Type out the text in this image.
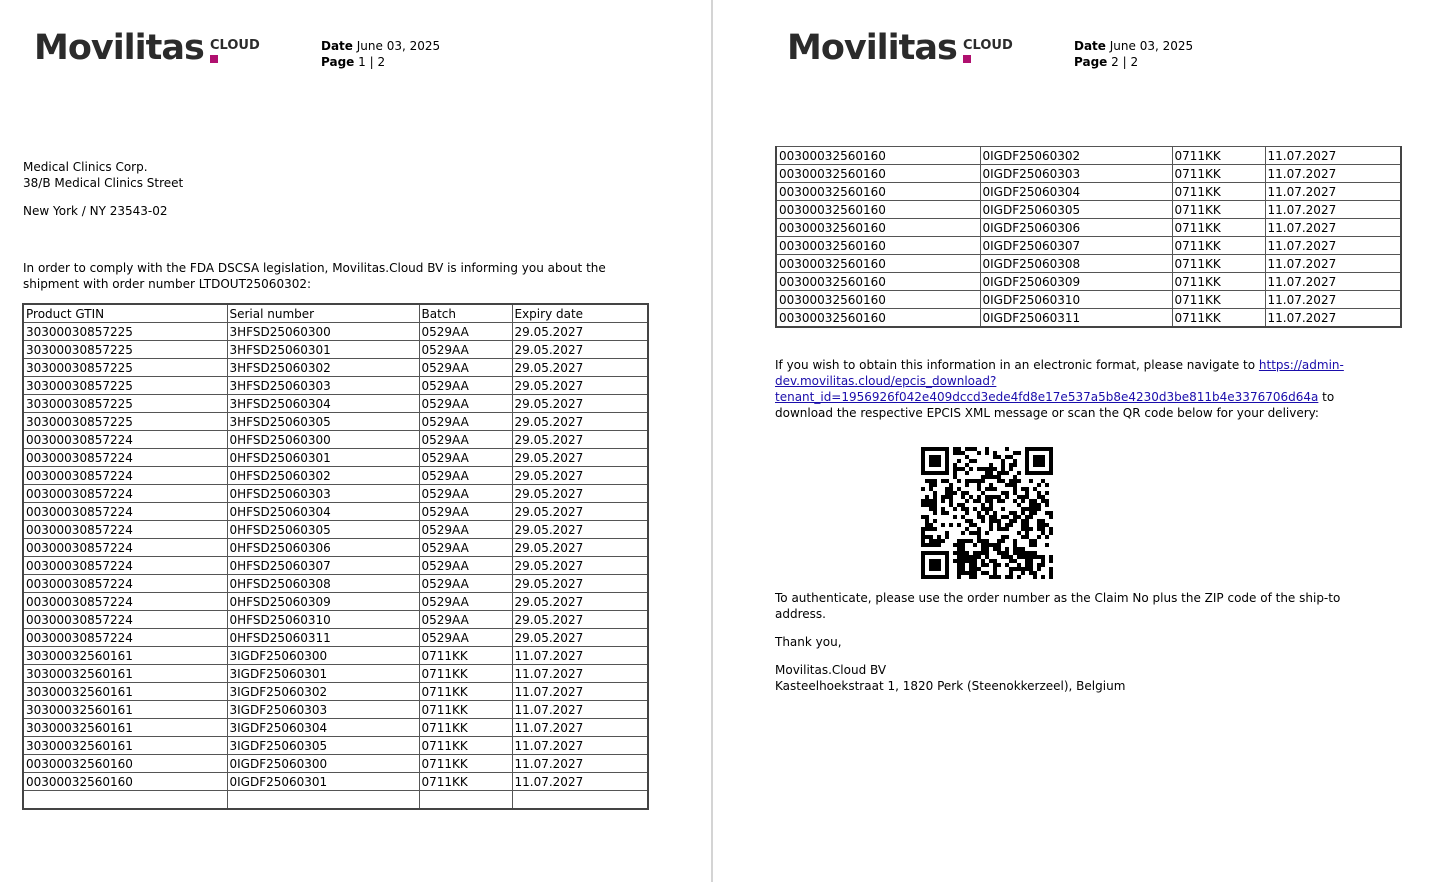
Movilitas CLOUD	Date June 03, 2025
Page 1 | 2
Medical Clinics Corp.
38/B Medical Clinics Street
New York / NY 23543-02
In order to comply with the FDA DSCSA legislation, Movilitas.Cloud BV is informing you about the
shipment with order number LTDOUT25060302:
Product GTIN	Serial number	Batch	Expiry date
30300030857225	3HFSD25060300	0529AA	29.05.2027
30300030857225	3HFSD25060301	0529AA	29.05.2027
30300030857225	3HFSD25060302	0529AA	29.05.2027
30300030857225	3HFSD25060303	0529AA	29.05.2027
30300030857225	3HFSD25060304	0529AA	29.05.2027
30300030857225	3HFSD25060305	0529AA	29.05.2027
00300030857224	0HFSD25060300	0529AA	29.05.2027
00300030857224	0HFSD25060301	0529AA	29.05.2027
00300030857224	0HFSD25060302	0529AA	29.05.2027
00300030857224	0HFSD25060303	0529AA	29.05.2027
00300030857224	0HFSD25060304	0529AA	29.05.2027
00300030857224	0HFSD25060305	0529AA	29.05.2027
00300030857224	0HFSD25060306	0529AA	29.05.2027
00300030857224	0HFSD25060307	0529AA	29.05.2027
00300030857224	0HFSD25060308	0529AA	29.05.2027
00300030857224	0HFSD25060309	0529AA	29.05.2027
00300030857224	0HFSD25060310	0529AA	29.05.2027
00300030857224	0HFSD25060311	0529AA	29.05.2027
30300032560161	3IGDF25060300	0711KK	11.07.2027
30300032560161	3IGDF25060301	0711KK	11.07.2027
30300032560161	3IGDF25060302	0711KK	11.07.2027
30300032560161	3IGDF25060303	0711KK	11.07.2027
30300032560161	3IGDF25060304	0711KK	11.07.2027
30300032560161	3IGDF25060305	0711KK	11.07.2027
00300032560160	0IGDF25060300	0711KK	11.07.2027
00300032560160	0IGDF25060301	0711KK	11.07.2027

Movilitas CLOUD	Date June 03, 2025
Page 2 | 2
00300032560160	0IGDF25060302	0711KK	11.07.2027
00300032560160	0IGDF25060303	0711KK	11.07.2027
00300032560160	0IGDF25060304	0711KK	11.07.2027
00300032560160	0IGDF25060305	0711KK	11.07.2027
00300032560160	0IGDF25060306	0711KK	11.07.2027
00300032560160	0IGDF25060307	0711KK	11.07.2027
00300032560160	0IGDF25060308	0711KK	11.07.2027
00300032560160	0IGDF25060309	0711KK	11.07.2027
00300032560160	0IGDF25060310	0711KK	11.07.2027
00300032560160	0IGDF25060311	0711KK	11.07.2027
If you wish to obtain this information in an electronic format, please navigate to https://admin-
dev.movilitas.cloud/epcis_download?
tenant_id=1956926f042e409dccd3ede4fd8e17e537a5b8e4230d3be811b4e3376706d64a to
download the respective EPCIS XML message or scan the QR code below for your delivery:
To authenticate, please use the order number as the Claim No plus the ZIP code of the ship-to
address.
Thank you,
Movilitas.Cloud BV
Kasteelhoekstraat 1, 1820 Perk (Steenokkerzeel), Belgium
